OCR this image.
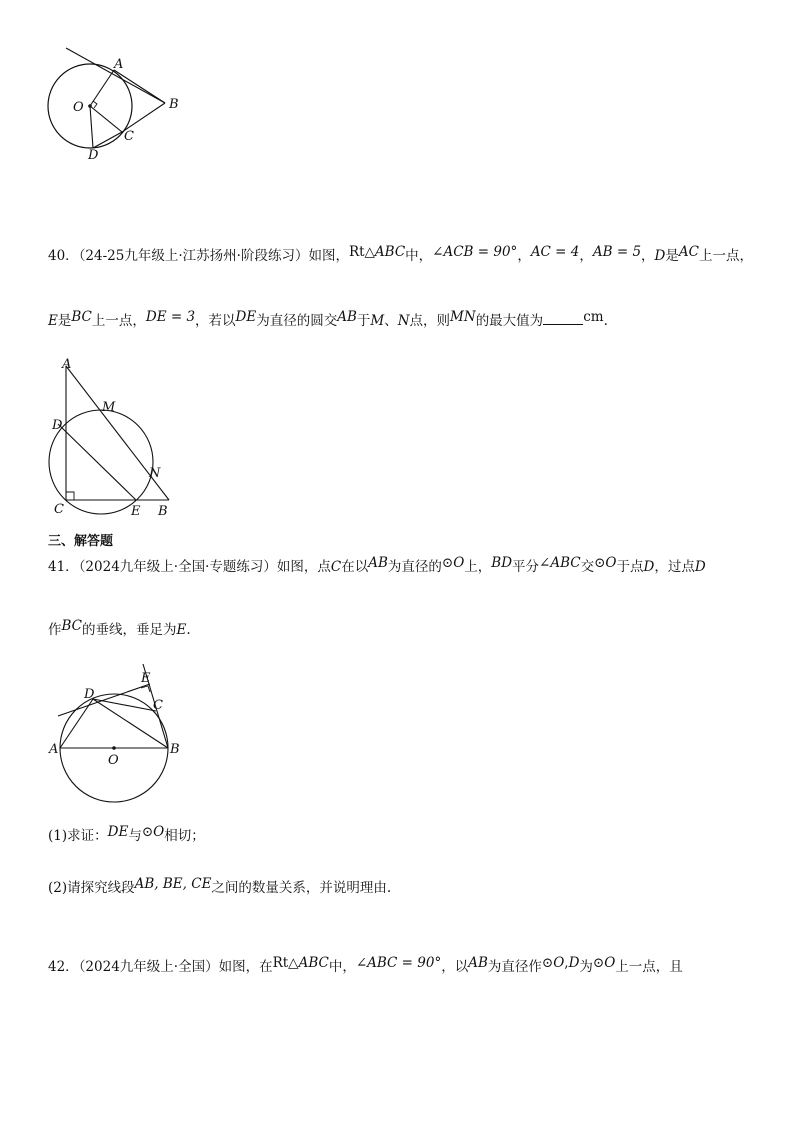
A
B
O
C
D
40．（24-25九年级上·江苏扬州·阶段练习）如图，Rt△ABC中，∠ACB = 90°，AC = 4，AB = 5，D是AC上一点，
E是BC上一点，DE = 3，若以DE为直径的圆交AB于M、N点，则MN的最大值为	cm.
A
M
D
N
C	E B
三、解答题
41．（2024九年级上·全国·专题练习）如图，点C在以AB为直径的⊙O上，BD平分∠ABC交⊙O于点D，过点D
作BC的垂线，垂足为E.
E
D
C
A	B
O
(1)求证：DE与⊙O相切；
(2)请探究线段AB, BE, CE之间的数量关系，并说明理由.
42．（2024九年级上·全国）如图，在Rt△ABC中，∠ABC = 90°，以AB为直径作⊙O,D为⊙O上一点，且
